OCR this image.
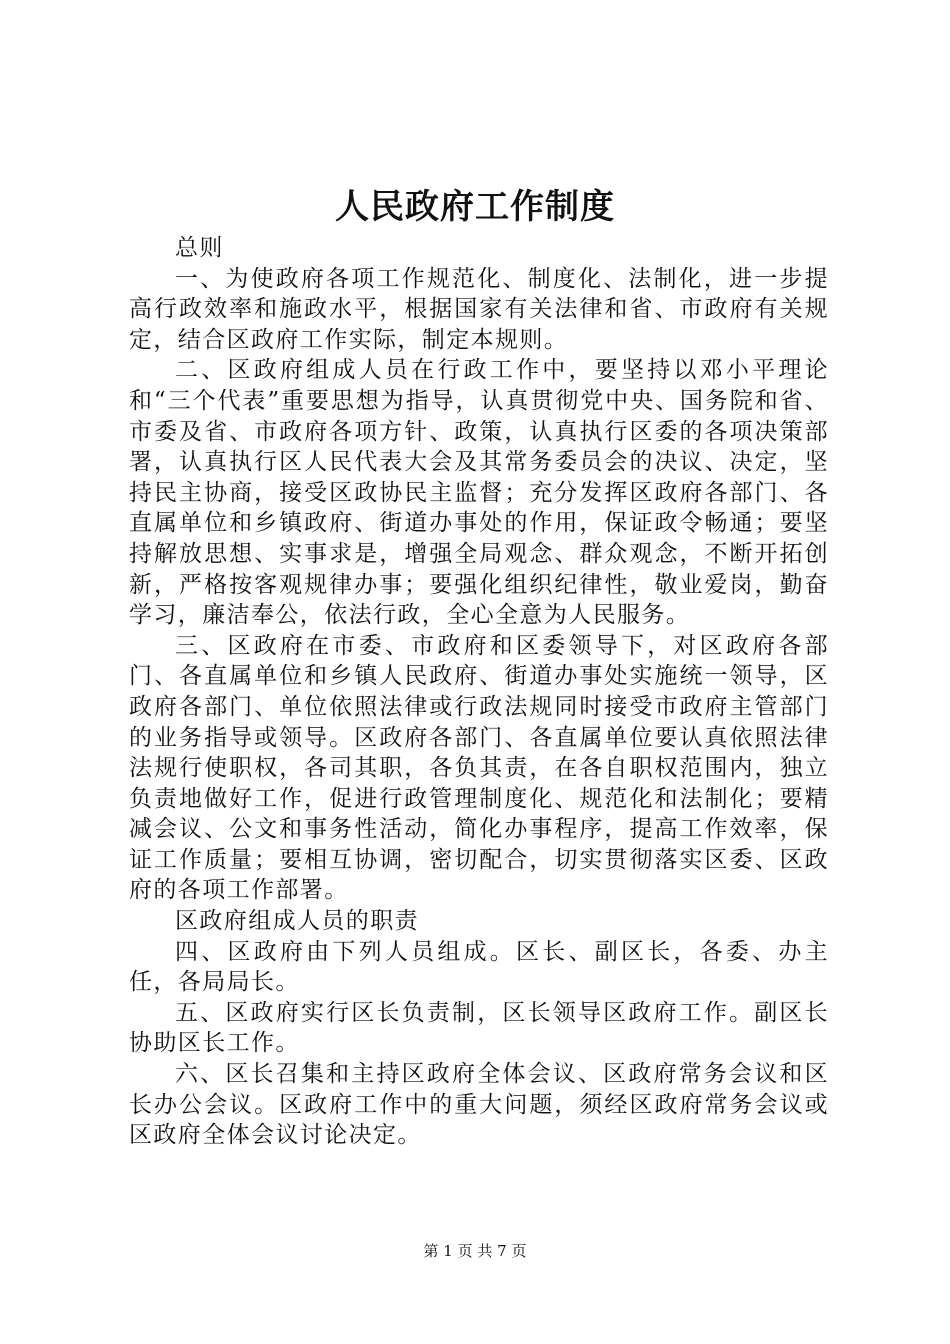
人民政府工作制度

总则

一、为使政府各项工作规范化、制度化、法制化，进一步提高行政效率和施政水平，根据国家有关法律和省、市政府有关规定，结合区政府工作实际，制定本规则。

二、区政府组成人员在行政工作中，要坚持以邓小平理论和“三个代表”重要思想为指导，认真贯彻党中央、国务院和省、市委及省、市政府各项方针、政策，认真执行区委的各项决策部署，认真执行区人民代表大会及其常务委员会的决议、决定，坚持民主协商，接受区政协民主监督；充分发挥区政府各部门、各直属单位和乡镇政府、街道办事处的作用，保证政令畅通；要坚持解放思想、实事求是，增强全局观念、群众观念，不断开拓创新，严格按客观规律办事；要强化组织纪律性，敬业爱岗，勤奋学习，廉洁奉公，依法行政，全心全意为人民服务。

三、区政府在市委、市政府和区委领导下，对区政府各部门、各直属单位和乡镇人民政府、街道办事处实施统一领导，区政府各部门、单位依照法律或行政法规同时接受市政府主管部门的业务指导或领导。区政府各部门、各直属单位要认真依照法律法规行使职权，各司其职，各负其责，在各自职权范围内，独立负责地做好工作，促进行政管理制度化、规范化和法制化；要精减会议、公文和事务性活动，简化办事程序，提高工作效率，保证工作质量；要相互协调，密切配合，切实贯彻落实区委、区政府的各项工作部署。

区政府组成人员的职责

四、区政府由下列人员组成。区长、副区长，各委、办主任，各局局长。

五、区政府实行区长负责制，区长领导区政府工作。副区长协助区长工作。

六、区长召集和主持区政府全体会议、区政府常务会议和区长办公会议。区政府工作中的重大问题，须经区政府常务会议或区政府全体会议讨论决定。

第 1 页 共 7 页
